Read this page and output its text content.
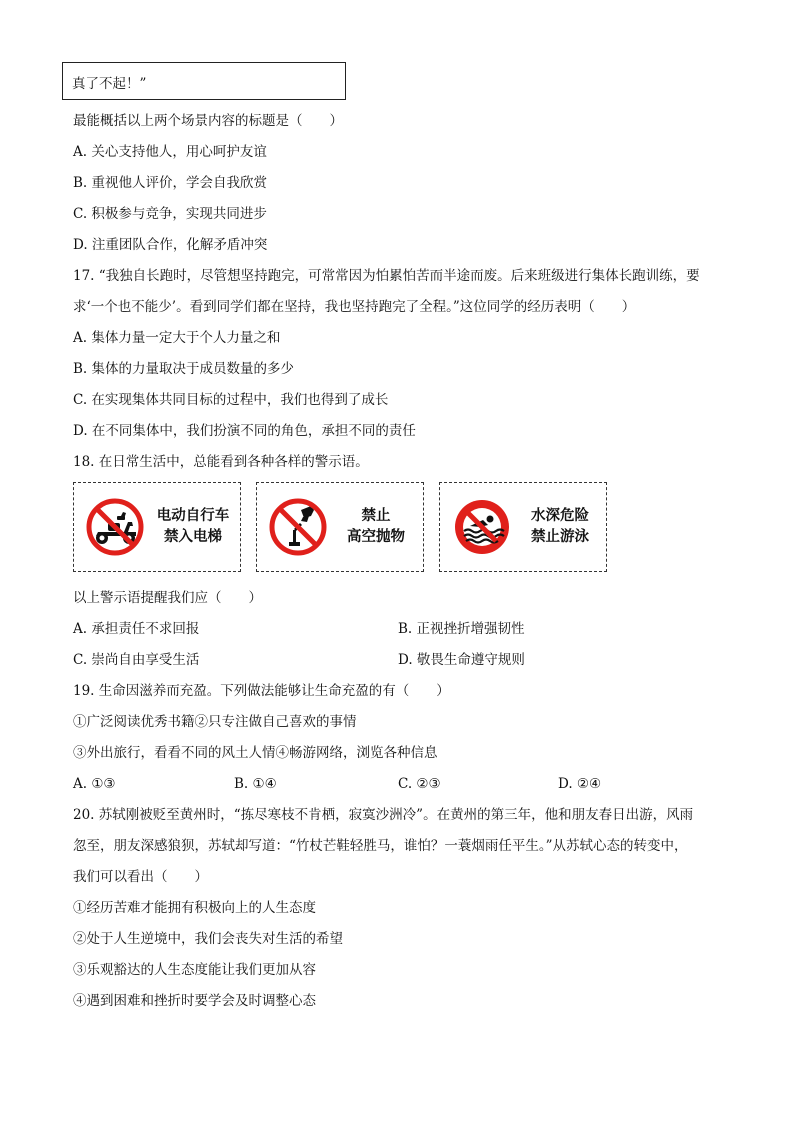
真了不起！”
最能概括以上两个场景内容的标题是（　　）
A. 关心支持他人，用心呵护友谊
B. 重视他人评价，学会自我欣赏
C. 积极参与竞争，实现共同进步
D. 注重团队合作，化解矛盾冲突
17. “我独自长跑时，尽管想坚持跑完，可常常因为怕累怕苦而半途而废。后来班级进行集体长跑训练，要
求‘一个也不能少’。看到同学们都在坚持，我也坚持跑完了全程。”这位同学的经历表明（　　）
A. 集体力量一定大于个人力量之和
B. 集体的力量取决于成员数量的多少
C. 在实现集体共同目标的过程中，我们也得到了成长
D. 在不同集体中，我们扮演不同的角色，承担不同的责任
18. 在日常生活中，总能看到各种各样的警示语。
电动自行车
禁入电梯
禁止
高空抛物
水深危险
禁止游泳
以上警示语提醒我们应（　　）
A. 承担责任不求回报	B. 正视挫折增强韧性
C. 崇尚自由享受生活	D. 敬畏生命遵守规则
19. 生命因滋养而充盈。下列做法能够让生命充盈的有（　　）
①广泛阅读优秀书籍②只专注做自己喜欢的事情
③外出旅行，看看不同的风土人情④畅游网络，浏览各种信息
A. ①③	B. ①④	C. ②③	D. ②④
20. 苏轼刚被贬至黄州时，“拣尽寒枝不肯栖，寂寞沙洲冷”。在黄州的第三年，他和朋友春日出游，风雨
忽至，朋友深感狼狈，苏轼却写道：“竹杖芒鞋轻胜马，谁怕？一蓑烟雨任平生。”从苏轼心态的转变中，
我们可以看出（　　）
①经历苦难才能拥有积极向上的人生态度
②处于人生逆境中，我们会丧失对生活的希望
③乐观豁达的人生态度能让我们更加从容
④遇到困难和挫折时要学会及时调整心态
